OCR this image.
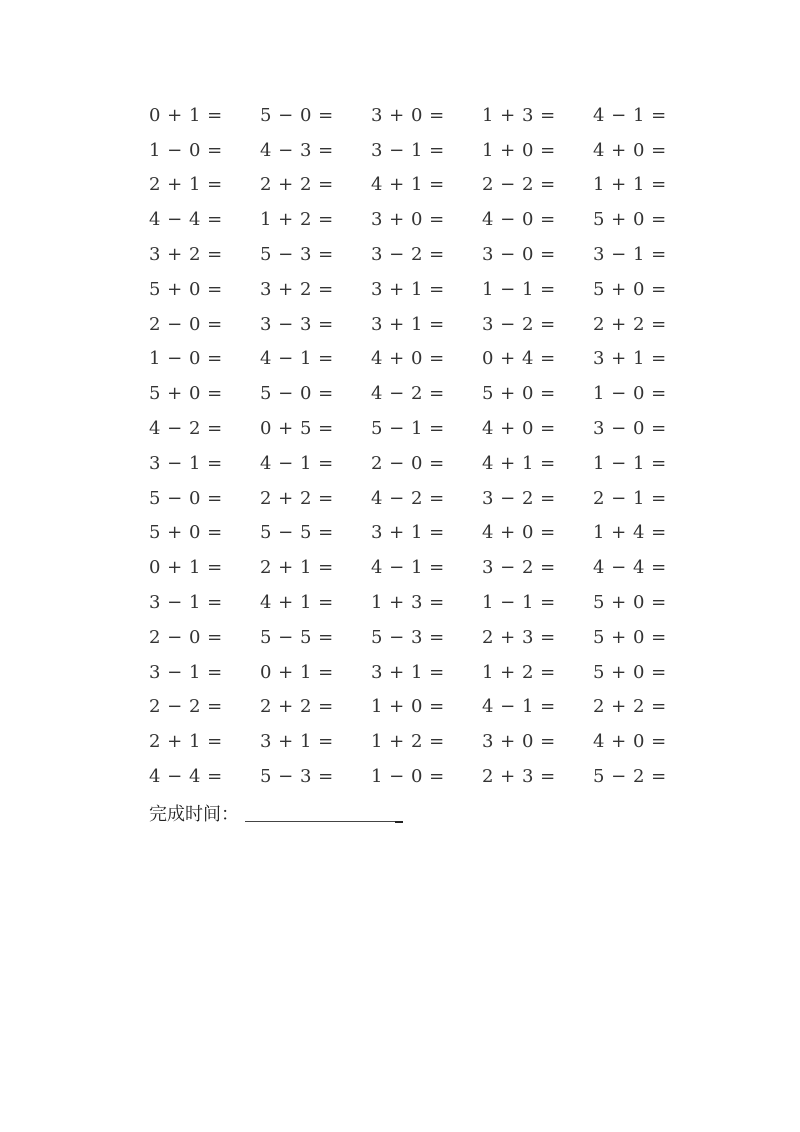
0 + 1 =	5 − 0 =	3 + 0 =	1 + 3 =	4 − 1 =
1 − 0 =	4 − 3 =	3 − 1 =	1 + 0 =	4 + 0 =
2 + 1 =	2 + 2 =	4 + 1 =	2 − 2 =	1 + 1 =
4 − 4 =	1 + 2 =	3 + 0 =	4 − 0 =	5 + 0 =
3 + 2 =	5 − 3 =	3 − 2 =	3 − 0 =	3 − 1 =
5 + 0 =	3 + 2 =	3 + 1 =	1 − 1 =	5 + 0 =
2 − 0 =	3 − 3 =	3 + 1 =	3 − 2 =	2 + 2 =
1 − 0 =	4 − 1 =	4 + 0 =	0 + 4 =	3 + 1 =
5 + 0 =	5 − 0 =	4 − 2 =	5 + 0 =	1 − 0 =
4 − 2 =	0 + 5 =	5 − 1 =	4 + 0 =	3 − 0 =
3 − 1 =	4 − 1 =	2 − 0 =	4 + 1 =	1 − 1 =
5 − 0 =	2 + 2 =	4 − 2 =	3 − 2 =	2 − 1 =
5 + 0 =	5 − 5 =	3 + 1 =	4 + 0 =	1 + 4 =
0 + 1 =	2 + 1 =	4 − 1 =	3 − 2 =	4 − 4 =
3 − 1 =	4 + 1 =	1 + 3 =	1 − 1 =	5 + 0 =
2 − 0 =	5 − 5 =	5 − 3 =	2 + 3 =	5 + 0 =
3 − 1 =	0 + 1 =	3 + 1 =	1 + 2 =	5 + 0 =
2 − 2 =	2 + 2 =	1 + 0 =	4 − 1 =	2 + 2 =
2 + 1 =	3 + 1 =	1 + 2 =	3 + 0 =	4 + 0 =
4 − 4 =	5 − 3 =	1 − 0 =	2 + 3 =	5 − 2 =
完成时间：
